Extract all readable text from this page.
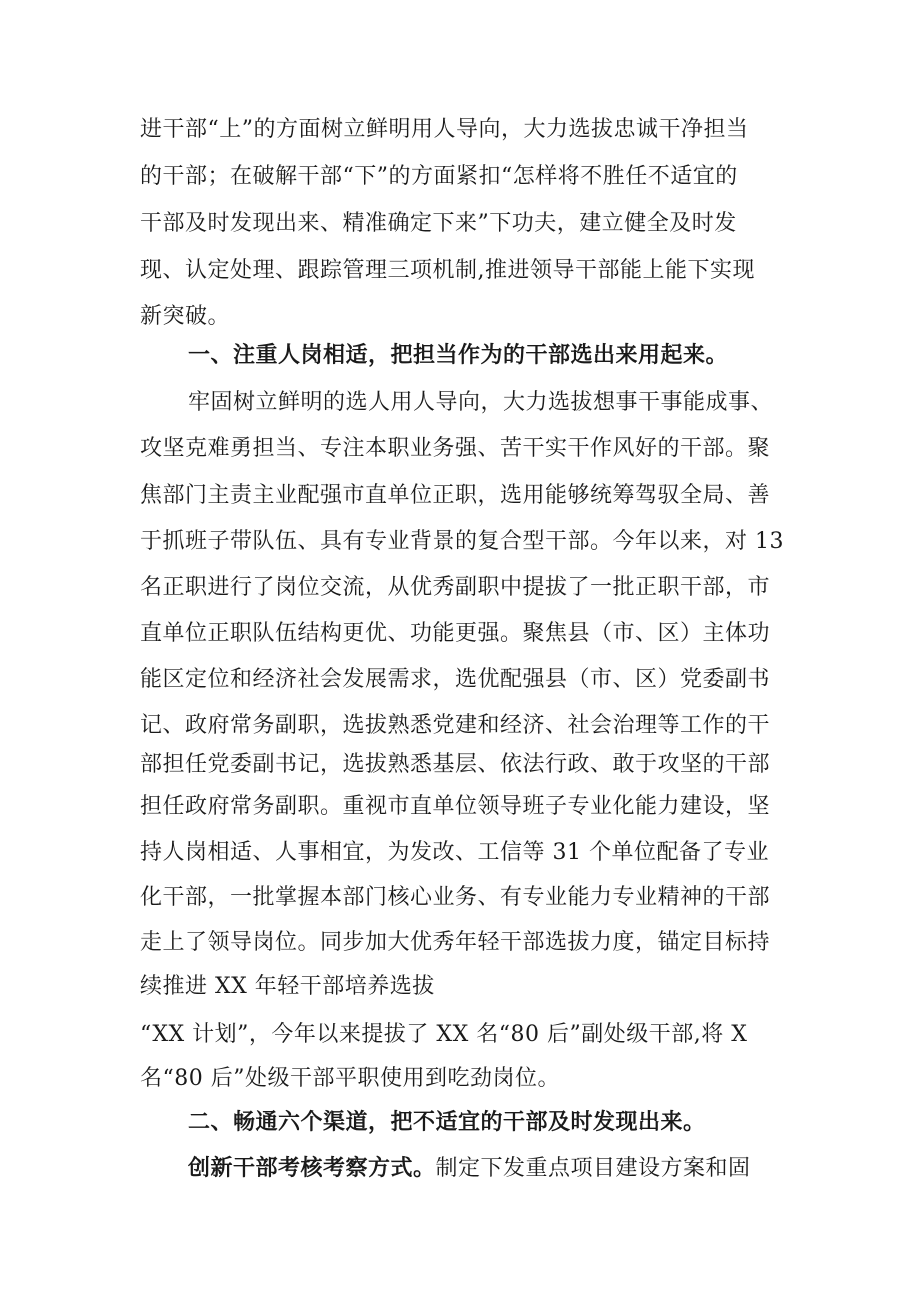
进干部“上”的方面树立鲜明用人导向，大力选拔忠诚干净担当
的干部；在破解干部“下”的方面紧扣“怎样将不胜任不适宜的
干部及时发现出来、精准确定下来”下功夫，建立健全及时发
现、认定处理、跟踪管理三项机制,推进领导干部能上能下实现
新突破。
一、注重人岗相适，把担当作为的干部选出来用起来。
牢固树立鲜明的选人用人导向，大力选拔想事干事能成事、
攻坚克难勇担当、专注本职业务强、苦干实干作风好的干部。聚
焦部门主责主业配强市直单位正职，选用能够统筹驾驭全局、善
于抓班子带队伍、具有专业背景的复合型干部。今年以来，对 13
名正职进行了岗位交流，从优秀副职中提拔了一批正职干部，市
直单位正职队伍结构更优、功能更强。聚焦县（市、区）主体功
能区定位和经济社会发展需求，选优配强县（市、区）党委副书
记、政府常务副职，选拔熟悉党建和经济、社会治理等工作的干
部担任党委副书记，选拔熟悉基层、依法行政、敢于攻坚的干部
担任政府常务副职。重视市直单位领导班子专业化能力建设，坚
持人岗相适、人事相宜，为发改、工信等 31 个单位配备了专业
化干部，一批掌握本部门核心业务、有专业能力专业精神的干部
走上了领导岗位。同步加大优秀年轻干部选拔力度，锚定目标持
续推进 XX 年轻干部培养选拔
“XX 计划”，今年以来提拔了 XX 名“80 后”副处级干部,将 X
名“80 后”处级干部平职使用到吃劲岗位。
二、畅通六个渠道，把不适宜的干部及时发现出来。
创新干部考核考察方式。制定下发重点项目建设方案和固
